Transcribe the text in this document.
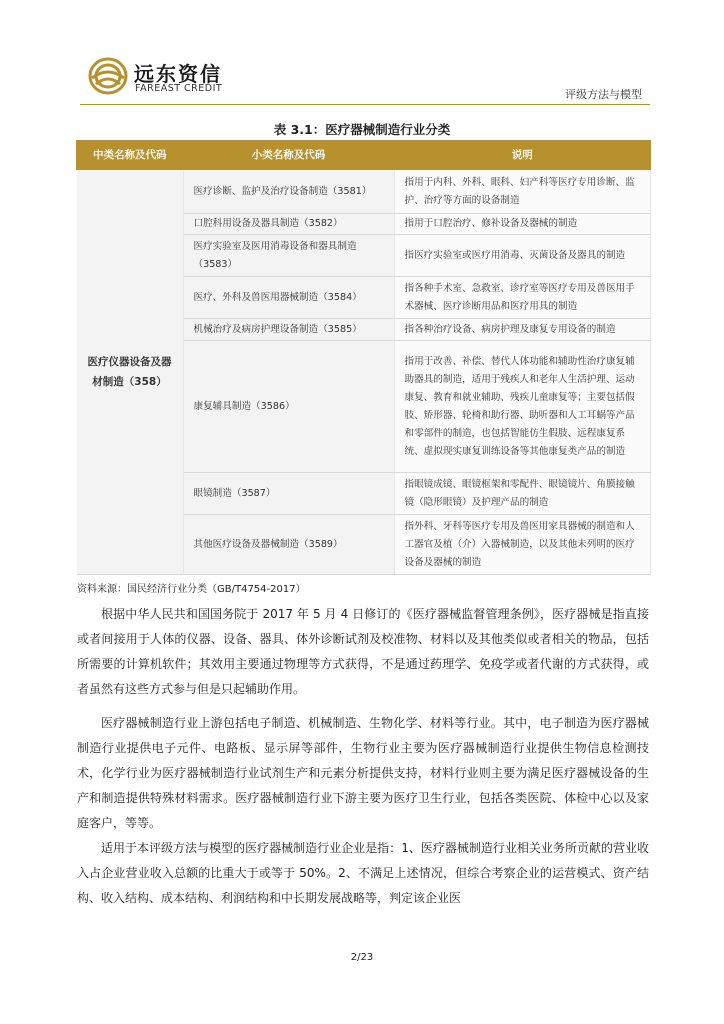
远东资信
FAREAST CREDIT	评级方法与模型
表 3.1：医疗器械制造行业分类
中类名称及代码	小类名称及代码	说明
医疗仪器设备及器材制造（358）	医疗诊断、监护及治疗设备制造（3581）	指用于内科、外科、眼科、妇产科等医疗专用诊断、监护、治疗等方面的设备制造
	口腔科用设备及器具制造（3582）	指用于口腔治疗、修补设备及器械的制造
	医疗实验室及医用消毒设备和器具制造（3583）	指医疗实验室或医疗用消毒、灭菌设备及器具的制造
	医疗、外科及兽医用器械制造（3584）	指各种手术室、急救室、诊疗室等医疗专用及兽医用手术器械、医疗诊断用品和医疗用具的制造
	机械治疗及病房护理设备制造（3585）	指各种治疗设备、病房护理及康复专用设备的制造
	康复辅具制造（3586）	指用于改善、补偿、替代人体功能和辅助性治疗康复辅助器具的制造，适用于残疾人和老年人生活护理、运动康复、教育和就业辅助、残疾儿童康复等；主要包括假肢、矫形器、轮椅和助行器、助听器和人工耳蜗等产品和零部件的制造，也包括智能仿生假肢、远程康复系统、虚拟现实康复训练设备等其他康复类产品的制造
	眼镜制造（3587）	指眼镜成镜、眼镜框架和零配件、眼镜镜片、角膜接触镜（隐形眼镜）及护理产品的制造
	其他医疗设备及器械制造（3589）	指外科、牙科等医疗专用及兽医用家具器械的制造和人工器官及植（介）入器械制造，以及其他未列明的医疗设备及器械的制造
资料来源：国民经济行业分类（GB/T4754-2017）

根据中华人民共和国国务院于 2017 年 5 月 4 日修订的《医疗器械监督管理条例》，医疗器械是指直接或者间接用于人体的仪器、设备、器具、体外诊断试剂及校准物、材料以及其他类似或者相关的物品，包括所需要的计算机软件；其效用主要通过物理等方式获得，不是通过药理学、免疫学或者代谢的方式获得，或者虽然有这些方式参与但是只起辅助作用。

医疗器械制造行业上游包括电子制造、机械制造、生物化学、材料等行业。其中，电子制造为医疗器械制造行业提供电子元件、电路板、显示屏等部件，生物行业主要为医疗器械制造行业提供生物信息检测技术，化学行业为医疗器械制造行业试剂生产和元素分析提供支持，材料行业则主要为满足医疗器械设备的生产和制造提供特殊材料需求。医疗器械制造行业下游主要为医疗卫生行业，包括各类医院、体检中心以及家庭客户，等等。

适用于本评级方法与模型的医疗器械制造行业企业是指：1、医疗器械制造行业相关业务所贡献的营业收入占企业营业收入总额的比重大于或等于 50%。2、不满足上述情况，但综合考察企业的运营模式、资产结构、收入结构、成本结构、利润结构和中长期发展战略等，判定该企业医

2/23
